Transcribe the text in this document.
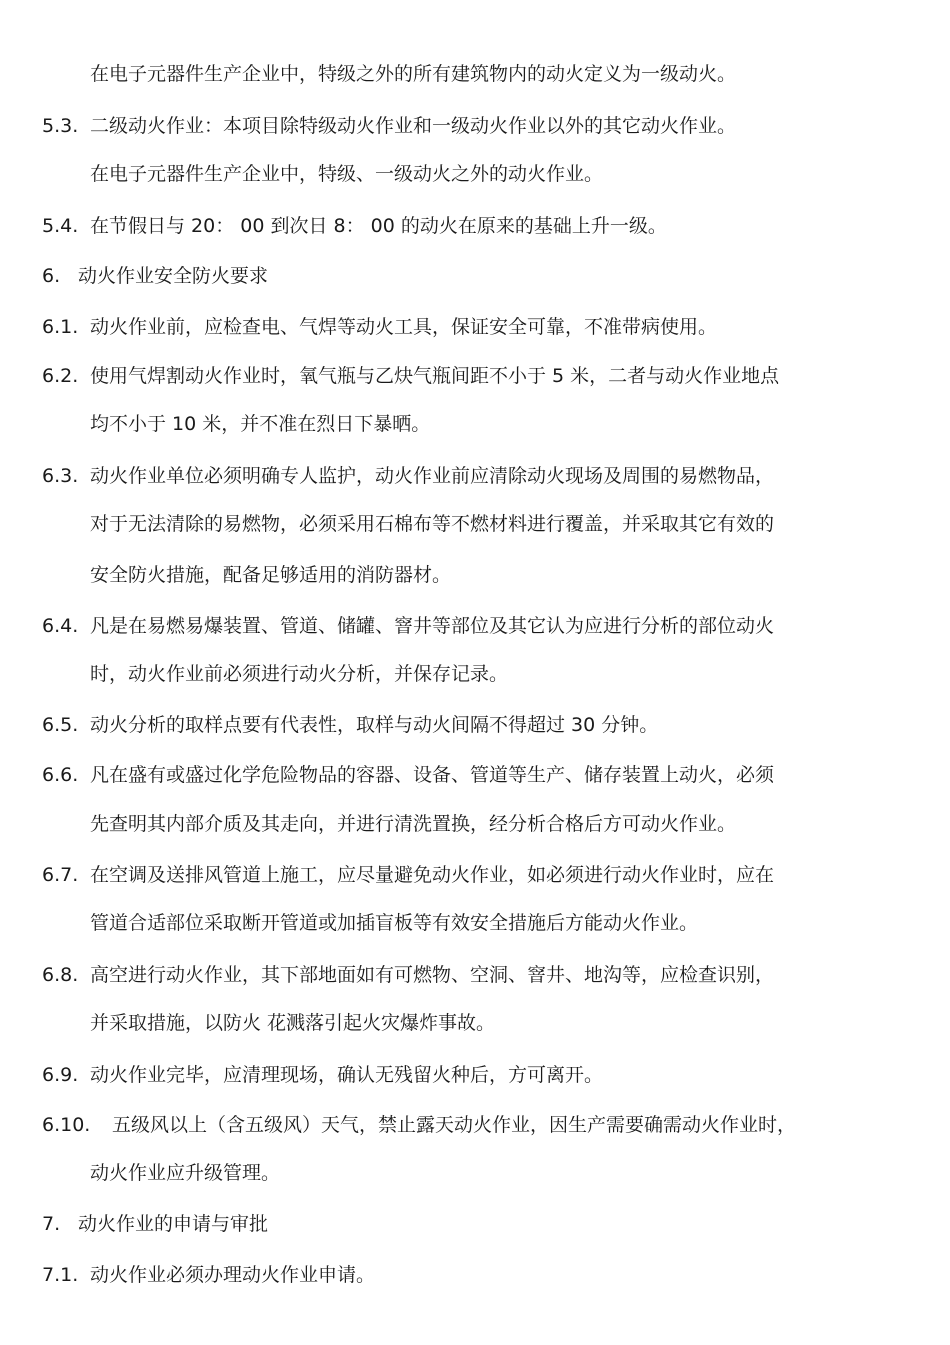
在电子元器件生产企业中，特级之外的所有建筑物内的动火定义为一级动火。
5.3. 二级动火作业：本项目除特级动火作业和一级动火作业以外的其它动火作业。
在电子元器件生产企业中，特级、一级动火之外的动火作业。
5.4. 在节假日与 20： 00 到次日 8： 00 的动火在原来的基础上升一级。
6. 动火作业安全防火要求
6.1. 动火作业前，应检查电、气焊等动火工具，保证安全可靠，不准带病使用。
6.2. 使用气焊割动火作业时，氧气瓶与乙炔气瓶间距不小于 5 米，二者与动火作业地点
均不小于 10 米，并不准在烈日下暴晒。
6.3. 动火作业单位必须明确专人监护，动火作业前应清除动火现场及周围的易燃物品，
对于无法清除的易燃物，必须采用石棉布等不燃材料进行覆盖，并采取其它有效的
安全防火措施，配备足够适用的消防器材。
6.4. 凡是在易燃易爆装置、管道、储罐、窨井等部位及其它认为应进行分析的部位动火
时，动火作业前必须进行动火分析，并保存记录。
6.5. 动火分析的取样点要有代表性，取样与动火间隔不得超过 30 分钟。
6.6. 凡在盛有或盛过化学危险物品的容器、设备、管道等生产、储存装置上动火，必须
先查明其内部介质及其走向，并进行清洗置换，经分析合格后方可动火作业。
6.7. 在空调及送排风管道上施工，应尽量避免动火作业，如必须进行动火作业时，应在
管道合适部位采取断开管道或加插盲板等有效安全措施后方能动火作业。
6.8. 高空进行动火作业，其下部地面如有可燃物、空洞、窨井、地沟等，应检查识别，
并采取措施，以防火 花溅落引起火灾爆炸事故。
6.9. 动火作业完毕，应清理现场，确认无残留火种后，方可离开。
6.10. 五级风以上（含五级风）天气，禁止露天动火作业，因生产需要确需动火作业时，
动火作业应升级管理。
7. 动火作业的申请与审批
7.1. 动火作业必须办理动火作业申请。
